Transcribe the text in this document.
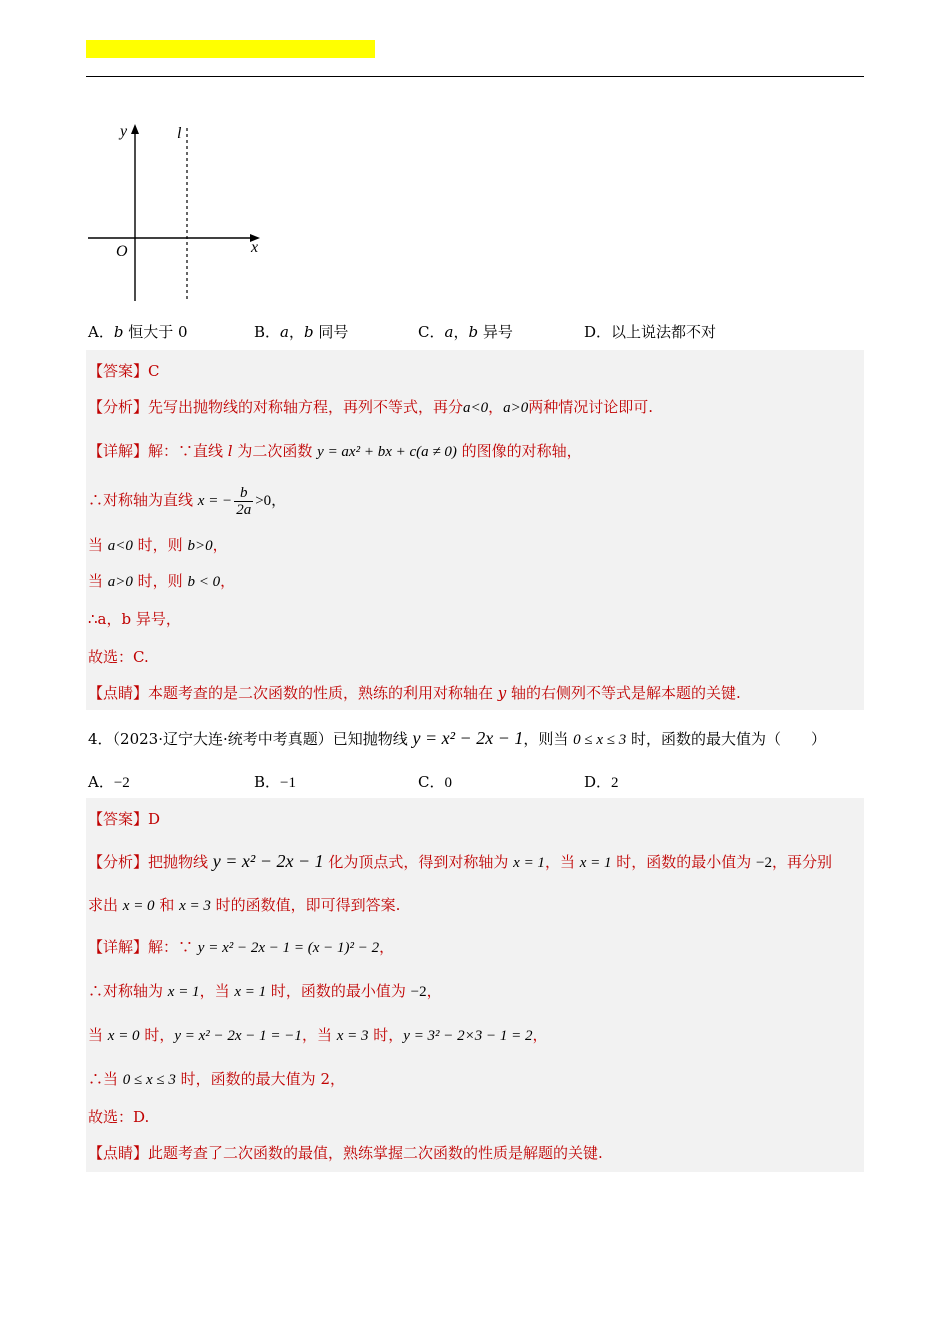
y	l
O	x
A．b 恒大于 0	B．a，b 同号	C．a，b 异号	D．以上说法都不对
【答案】C
【分析】先写出抛物线的对称轴方程，再列不等式，再分a<0，a>0两种情况讨论即可.
【详解】解：∵直线 l 为二次函数 y = ax² + bx + c(a ≠ 0) 的图像的对称轴，
∴对称轴为直线 x = − $\frac{b}{2a} >0$，
当 a<0 时，则 b>0，
当 a>0 时，则 b < 0，
∴a，b 异号，
故选：C.
【点睛】本题考查的是二次函数的性质，熟练的利用对称轴在 y 轴的右侧列不等式是解本题的关键.
4．（2023·辽宁大连·统考中考真题）已知抛物线 y = x² − 2x − 1，则当 0 ≤ x ≤ 3 时，函数的最大值为（　　）
A．−2	B．−1	C．0	D．2
【答案】D
【分析】把抛物线 y = x² − 2x − 1 化为顶点式，得到对称轴为 x = 1，当 x = 1 时，函数的最小值为 −2，再分别
求出 x = 0 和 x = 3 时的函数值，即可得到答案.
【详解】解：∵ y = x² − 2x − 1 = (x − 1)² − 2，
∴对称轴为 x = 1，当 x = 1 时，函数的最小值为 −2，
当 x = 0 时，y = x² − 2x − 1 = −1，当 x = 3 时，y = 3² − 2×3 − 1 = 2，
∴当 0 ≤ x ≤ 3 时，函数的最大值为 2，
故选：D.
【点睛】此题考查了二次函数的最值，熟练掌握二次函数的性质是解题的关键.
